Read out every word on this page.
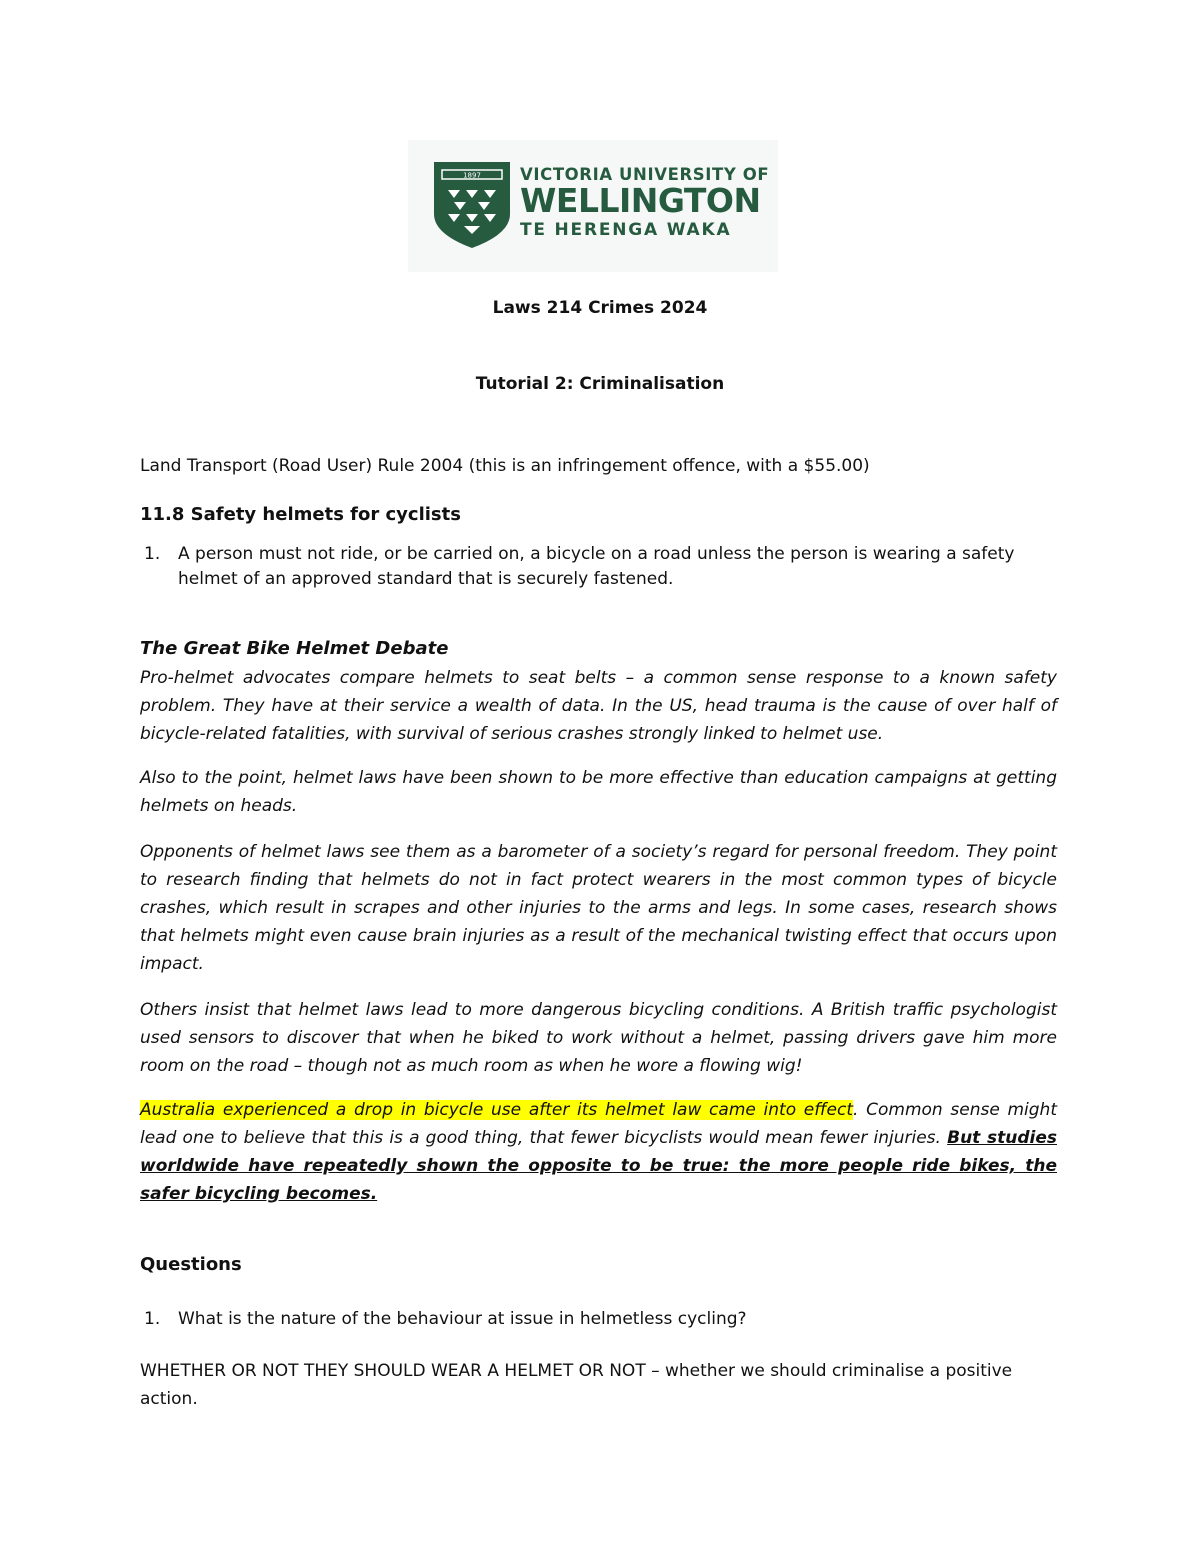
1897 VICTORIA UNIVERSITY OF
WELLINGTON
TE HERENGA WAKA
Laws 214 Crimes 2024
Tutorial 2: Criminalisation

Land Transport (Road User) Rule 2004 (this is an infringement offence, with a $55.00)

11.8 Safety helmets for cyclists

1. A person must not ride, or be carried on, a bicycle on a road unless the person is wearing a safety helmet of an approved standard that is securely fastened.

The Great Bike Helmet Debate

Pro-helmet advocates compare helmets to seat belts – a common sense response to a known safety problem. They have at their service a wealth of data. In the US, head trauma is the cause of over half of bicycle-related fatalities, with survival of serious crashes strongly linked to helmet use.

Also to the point, helmet laws have been shown to be more effective than education campaigns at getting helmets on heads.

Opponents of helmet laws see them as a barometer of a society’s regard for personal freedom. They point to research finding that helmets do not in fact protect wearers in the most common types of bicycle crashes, which result in scrapes and other injuries to the arms and legs. In some cases, research shows that helmets might even cause brain injuries as a result of the mechanical twisting effect that occurs upon impact.

Others insist that helmet laws lead to more dangerous bicycling conditions. A British traffic psychologist used sensors to discover that when he biked to work without a helmet, passing drivers gave him more room on the road – though not as much room as when he wore a flowing wig!

Australia experienced a drop in bicycle use after its helmet law came into effect. Common sense might lead one to believe that this is a good thing, that fewer bicyclists would mean fewer injuries. But studies worldwide have repeatedly shown the opposite to be true: the more people ride bikes, the safer bicycling becomes.

Questions

1. What is the nature of the behaviour at issue in helmetless cycling?

WHETHER OR NOT THEY SHOULD WEAR A HELMET OR NOT – whether we should criminalise a positive action.
